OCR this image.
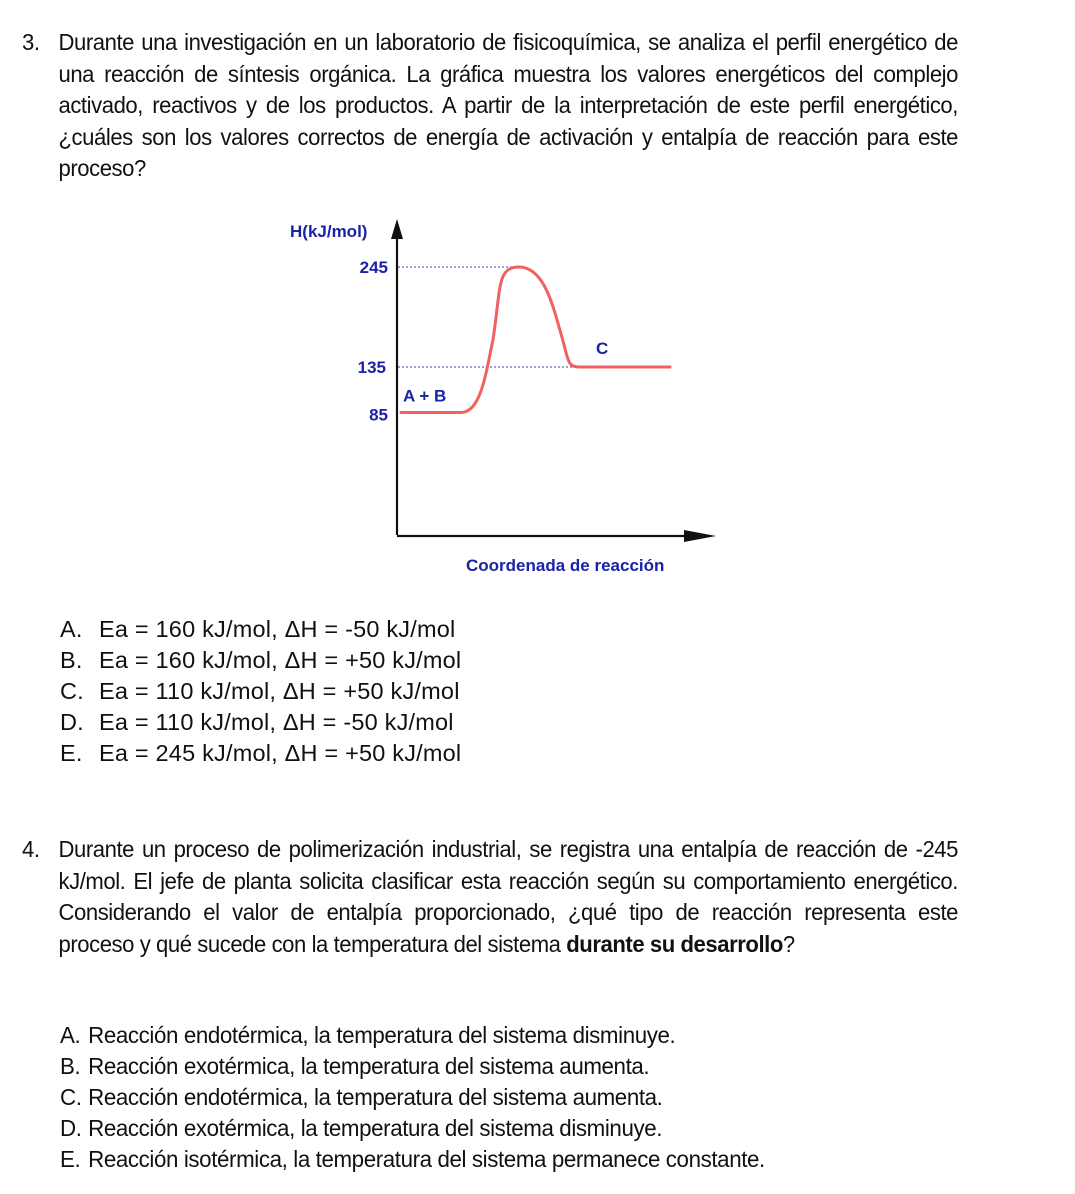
3. Durante una investigación en un laboratorio de fisicoquímica, se analiza el perfil energético de una reacción de síntesis orgánica. La gráfica muestra los valores energéticos del complejo activado, reactivos y de los productos. A partir de la interpretación de este perfil energético, ¿cuáles son los valores correctos de energía de activación y entalpía de reacción para este proceso?
H(kJ/mol)
245
135
85
A + B
C
Coordenada de reacción
A. Ea = 160 kJ/mol, ΔH = -50 kJ/mol
B. Ea = 160 kJ/mol, ΔH = +50 kJ/mol
C. Ea = 110 kJ/mol, ΔH = +50 kJ/mol
D. Ea = 110 kJ/mol, ΔH = -50 kJ/mol
E. Ea = 245 kJ/mol, ΔH = +50 kJ/mol
4. Durante un proceso de polimerización industrial, se registra una entalpía de reacción de -245 kJ/mol. El jefe de planta solicita clasificar esta reacción según su comportamiento energético. Considerando el valor de entalpía proporcionado, ¿qué tipo de reacción representa este proceso y qué sucede con la temperatura del sistema durante su desarrollo?
A. Reacción endotérmica, la temperatura del sistema disminuye.
B. Reacción exotérmica, la temperatura del sistema aumenta.
C. Reacción endotérmica, la temperatura del sistema aumenta.
D. Reacción exotérmica, la temperatura del sistema disminuye.
E. Reacción isotérmica, la temperatura del sistema permanece constante.
